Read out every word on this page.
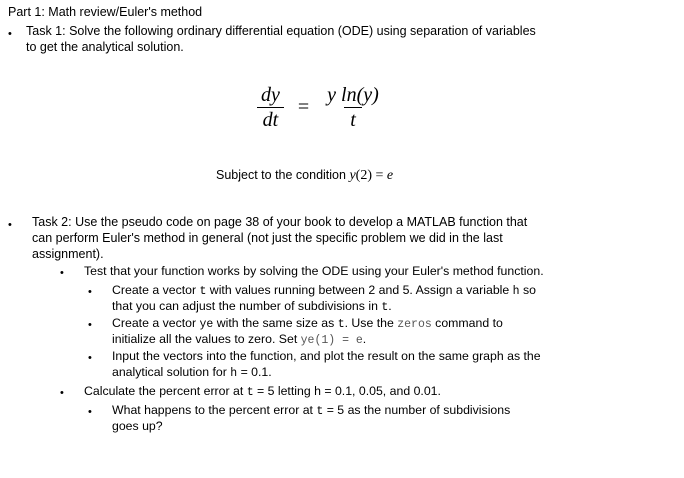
Part 1: Math review/Euler's method
• Task 1: Solve the following ordinary differential equation (ODE) using separation of variables
to get the analytical solution.
$\frac{dy}{dt} = \frac{\text{y ln(y)}}{t}$
Subject to the condition y(2) = e
• Task 2: Use the pseudo code on page 38 of your book to develop a MATLAB function that
can perform Euler's method in general (not just the specific problem we did in the last
assignment).
• Test that your function works by solving the ODE using your Euler's method function.
• Create a vector t with values running between 2 and 5. Assign a variable h so
that you can adjust the number of subdivisions in t.
• Create a vector ye with the same size as t. Use the zeros command to
initialize all the values to zero. Set ye(1) = e.
• Input the vectors into the function, and plot the result on the same graph as the
analytical solution for h = 0.1.
• Calculate the percent error at t = 5 letting h = 0.1, 0.05, and 0.01.
• What happens to the percent error at t = 5 as the number of subdivisions
goes up?
